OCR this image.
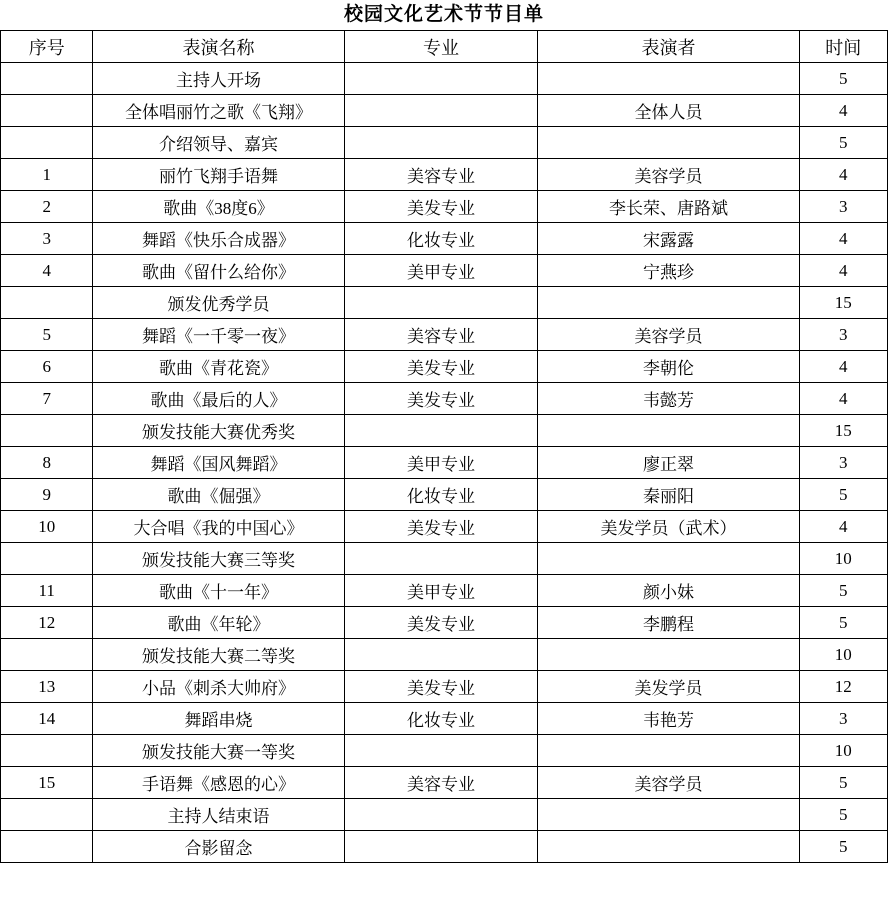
校园文化艺术节节目单
序号	表演名称	专业	表演者	时间
	主持人开场			5
	全体唱丽竹之歌《飞翔》		全体人员	4
	介绍领导、嘉宾			5
1	丽竹飞翔手语舞	美容专业	美容学员	4
2	歌曲《38度6》	美发专业	李长荣、唐路斌	3
3	舞蹈《快乐合成器》	化妆专业	宋露露	4
4	歌曲《留什么给你》	美甲专业	宁燕珍	4
	颁发优秀学员			15
5	舞蹈《一千零一夜》	美容专业	美容学员	3
6	歌曲《青花瓷》	美发专业	李朝伦	4
7	歌曲《最后的人》	美发专业	韦懿芳	4
	颁发技能大赛优秀奖			15
8	舞蹈《国风舞蹈》	美甲专业	廖正翠	3
9	歌曲《倔强》	化妆专业	秦丽阳	5
10	大合唱《我的中国心》	美发专业	美发学员（武术）	4
	颁发技能大赛三等奖			10
11	歌曲《十一年》	美甲专业	颜小妹	5
12	歌曲《年轮》	美发专业	李鹏程	5
	颁发技能大赛二等奖			10
13	小品《刺杀大帅府》	美发专业	美发学员	12
14	舞蹈串烧	化妆专业	韦艳芳	3
	颁发技能大赛一等奖			10
15	手语舞《感恩的心》	美容专业	美容学员	5
	主持人结束语			5
	合影留念			5
